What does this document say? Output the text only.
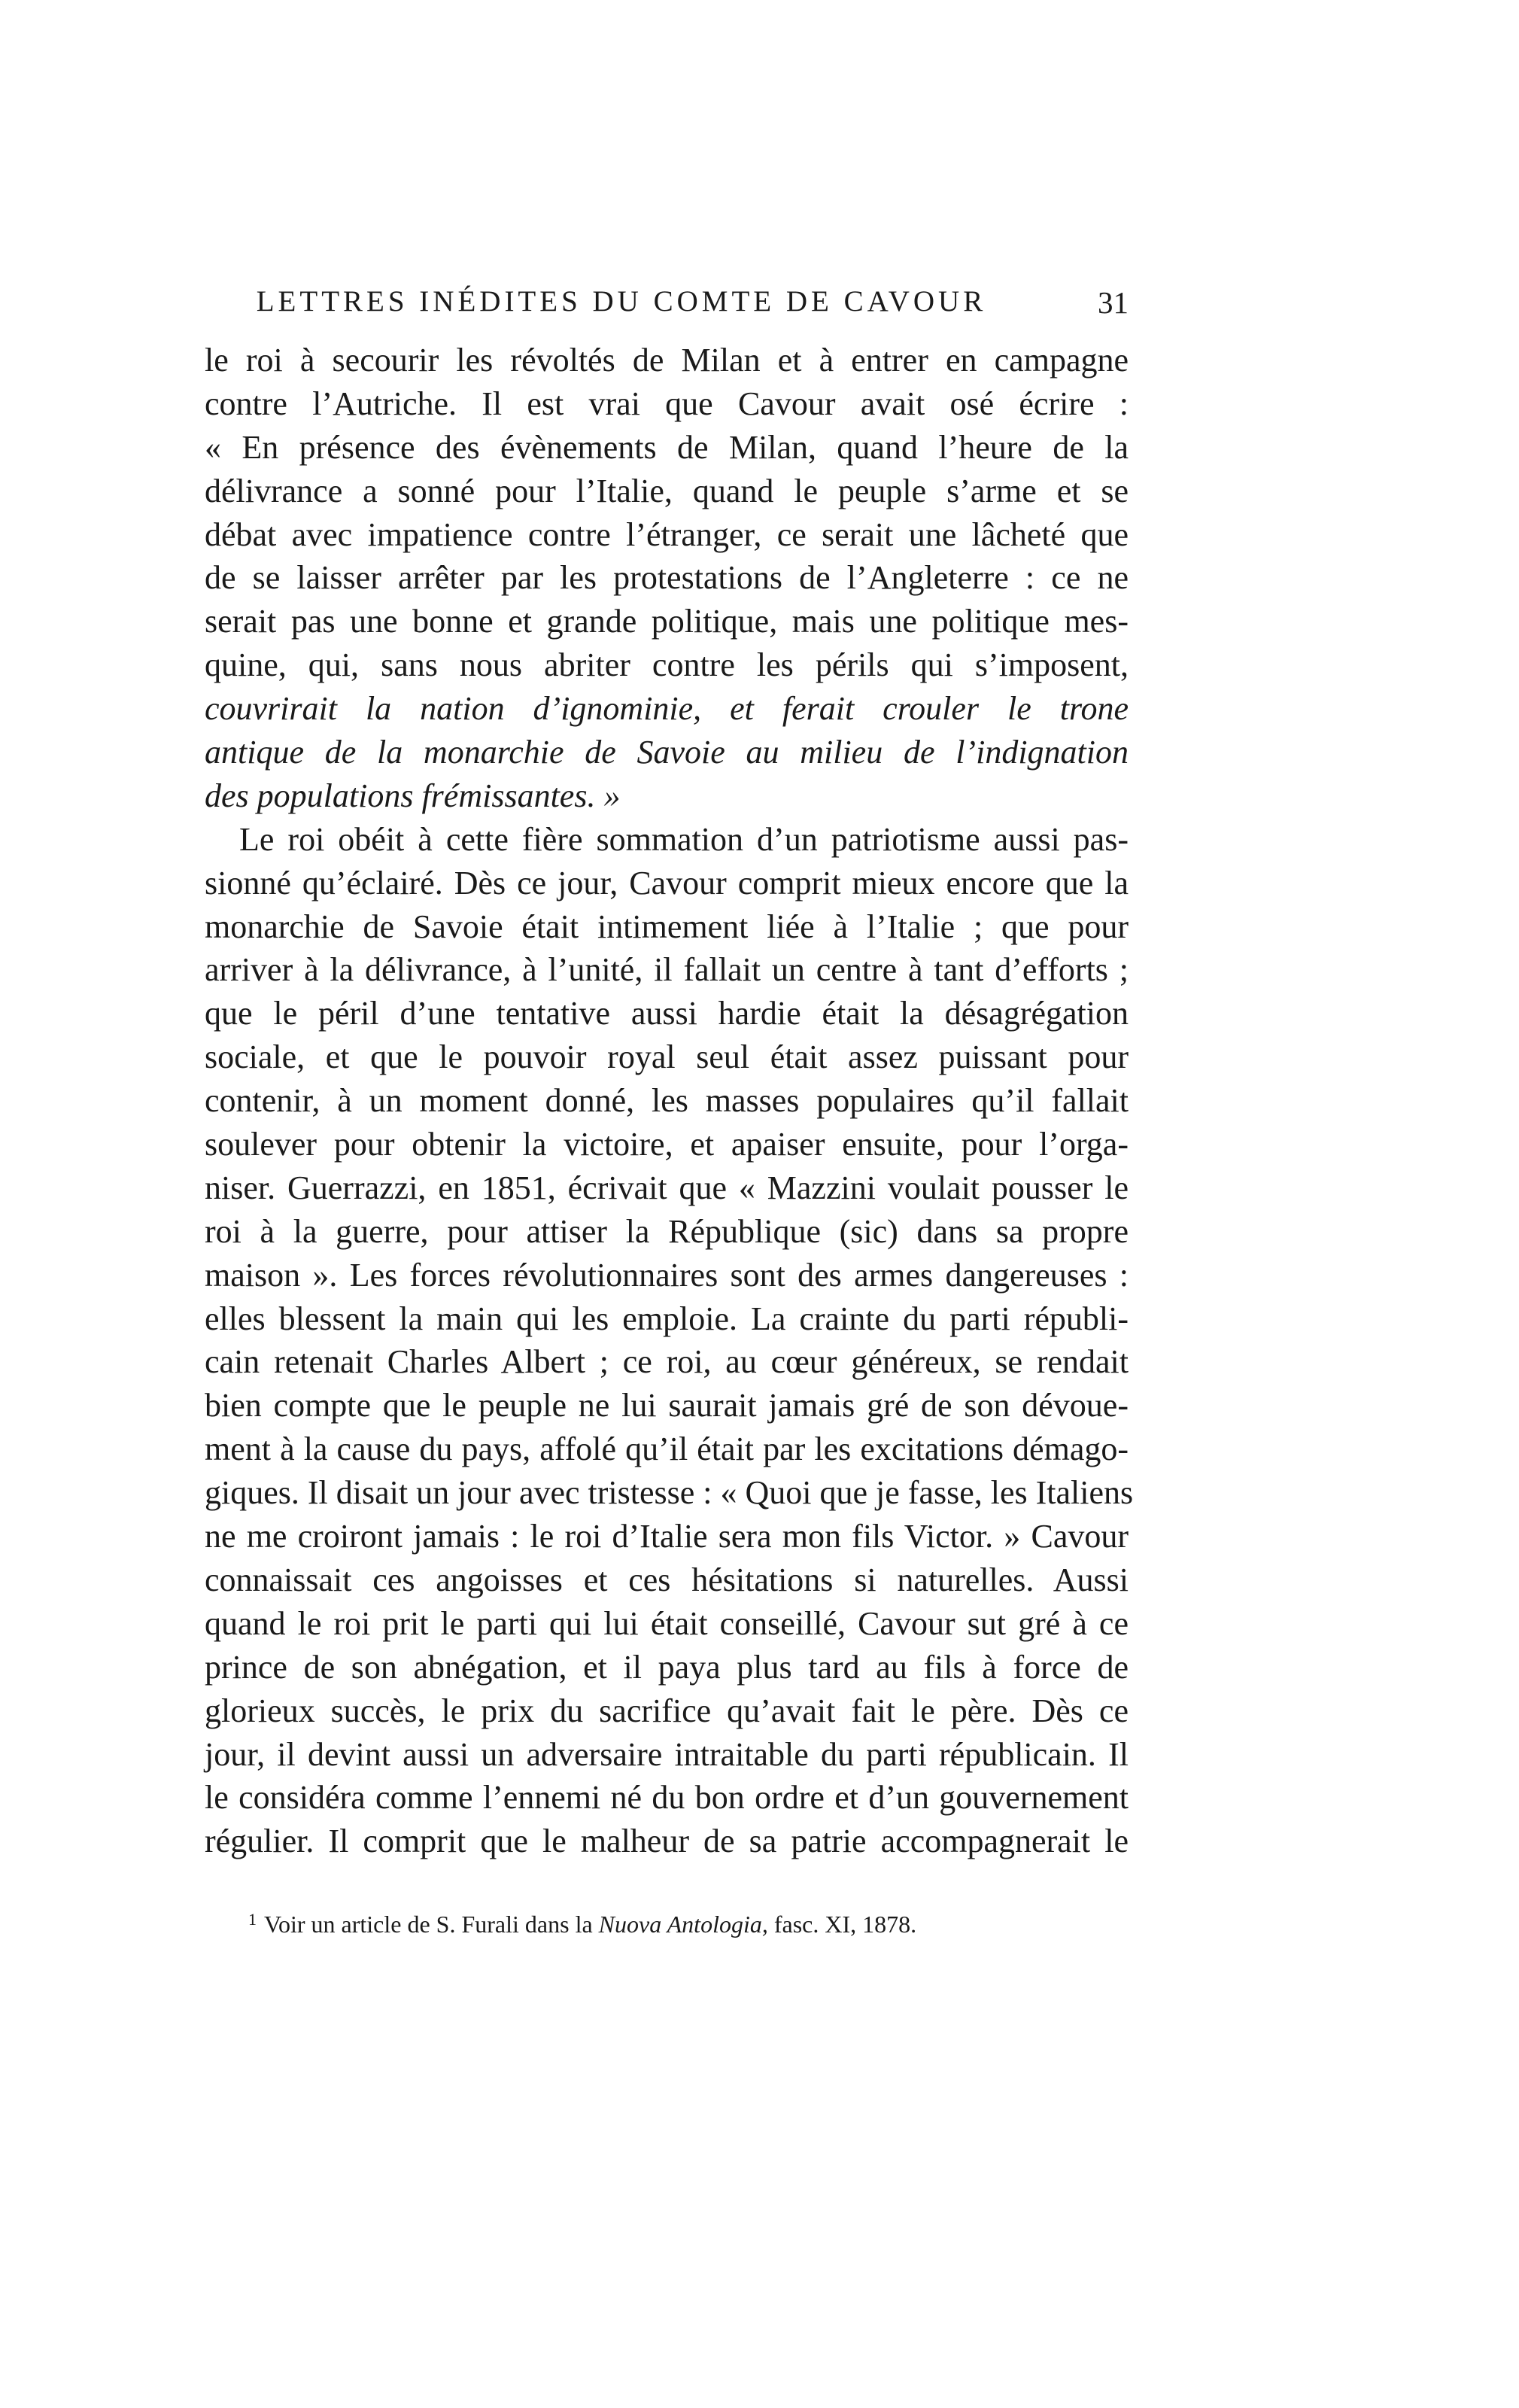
LETTRES INÉDITES DU COMTE DE CAVOUR	31
le roi à secourir les révoltés de Milan et à entrer en campagne
contre l’Autriche. Il est vrai que Cavour avait osé écrire :
« En présence des évènements de Milan, quand l’heure de la
délivrance a sonné pour l’Italie, quand le peuple s’arme et se
débat avec impatience contre l’étranger, ce serait une lâcheté que
de se laisser arrêter par les protestations de l’Angleterre : ce ne
serait pas une bonne et grande politique, mais une politique mes-
quine, qui, sans nous abriter contre les périls qui s’imposent,
couvrirait la nation d’ignominie, et ferait crouler le trone
antique de la monarchie de Savoie au milieu de l’indignation
des populations frémissantes. »
Le roi obéit à cette fière sommation d’un patriotisme aussi pas-
sionné qu’éclairé. Dès ce jour, Cavour comprit mieux encore que la
monarchie de Savoie était intimement liée à l’Italie ; que pour
arriver à la délivrance, à l’unité, il fallait un centre à tant d’efforts ;
que le péril d’une tentative aussi hardie était la désagrégation
sociale, et que le pouvoir royal seul était assez puissant pour
contenir, à un moment donné, les masses populaires qu’il fallait
soulever pour obtenir la victoire, et apaiser ensuite, pour l’orga-
niser. Guerrazzi, en 1851, écrivait que « Mazzini voulait pousser le
roi à la guerre, pour attiser la République (sic) dans sa propre
maison ». Les forces révolutionnaires sont des armes dangereuses :
elles blessent la main qui les emploie. La crainte du parti républi-
cain retenait Charles Albert ; ce roi, au cœur généreux, se rendait
bien compte que le peuple ne lui saurait jamais gré de son dévoue-
ment à la cause du pays, affolé qu’il était par les excitations démago-
giques. Il disait un jour avec tristesse : « Quoi que je fasse, les Italiens
ne me croiront jamais : le roi d’Italie sera mon fils Victor. » Cavour
connaissait ces angoisses et ces hésitations si naturelles. Aussi
quand le roi prit le parti qui lui était conseillé, Cavour sut gré à ce
prince de son abnégation, et il paya plus tard au fils à force de
glorieux succès, le prix du sacrifice qu’avait fait le père. Dès ce
jour, il devint aussi un adversaire intraitable du parti républicain. Il
le considéra comme l’ennemi né du bon ordre et d’un gouvernement
régulier. Il comprit que le malheur de sa patrie accompagnerait le
$^1$ Voir un article de S. Furali dans la Nuova Antologia, fasc. XI, 1878.
